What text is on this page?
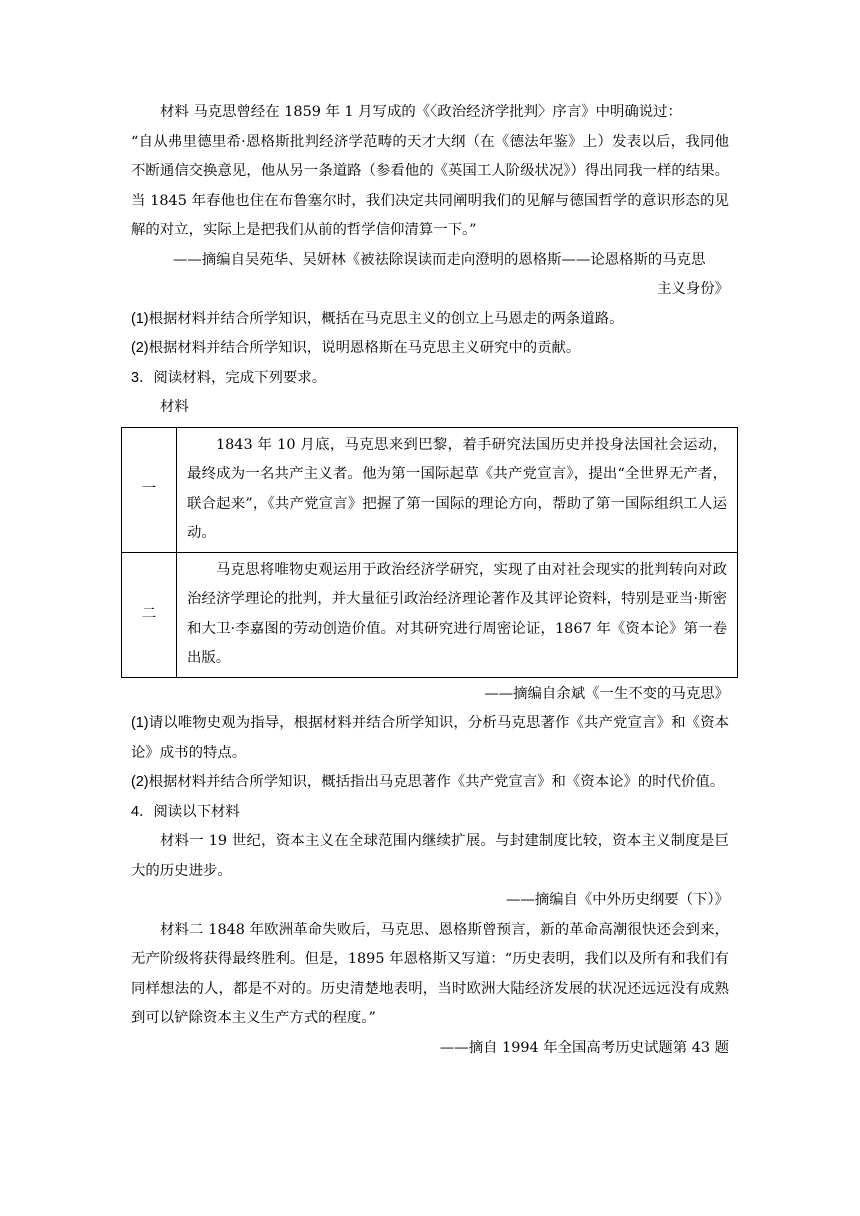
材料 马克思曾经在 1859 年 1 月写成的《〈政治经济学批判〉序言》中明确说过：

“自从弗里德里希·恩格斯批判经济学范畴的天才大纲（在《德法年鉴》上）发表以后，我同他不断通信交换意见，他从另一条道路（参看他的《英国工人阶级状况》）得出同我一样的结果。当 1845 年春他也住在布鲁塞尔时，我们决定共同阐明我们的见解与德国哲学的意识形态的见解的对立，实际上是把我们从前的哲学信仰清算一下。”

——摘编自吴苑华、吴妍林《被祛除误读而走向澄明的恩格斯——论恩格斯的马克思

主义身份》

(1)根据材料并结合所学知识，概括在马克思主义的创立上马恩走的两条道路。

(2)根据材料并结合所学知识，说明恩格斯在马克思主义研究中的贡献。

3．阅读材料，完成下列要求。

材料

一	1843 年 10 月底，马克思来到巴黎，着手研究法国历史并投身法国社会运动，最终成为一名共产主义者。他为第一国际起草《共产党宣言》，提出“全世界无产者，联合起来”，《共产党宣言》把握了第一国际的理论方向，帮助了第一国际组织工人运动。
二	马克思将唯物史观运用于政治经济学研究，实现了由对社会现实的批判转向对政治经济学理论的批判，并大量征引政治经济理论著作及其评论资料，特别是亚当·斯密和大卫·李嘉图的劳动创造价值。对其研究进行周密论证，1867 年《资本论》第一卷出版。

——摘编自余斌《一生不变的马克思》

(1)请以唯物史观为指导，根据材料并结合所学知识，分析马克思著作《共产党宣言》和《资本论》成书的特点。

(2)根据材料并结合所学知识，概括指出马克思著作《共产党宣言》和《资本论》的时代价值。

4．阅读以下材料

材料一 19 世纪，资本主义在全球范围内继续扩展。与封建制度比较，资本主义制度是巨大的历史进步。

——摘编自《中外历史纲要（下）》

材料二 1848 年欧洲革命失败后，马克思、恩格斯曾预言，新的革命高潮很快还会到来，无产阶级将获得最终胜利。但是，1895 年恩格斯又写道：“历史表明，我们以及所有和我们有同样想法的人，都是不对的。历史清楚地表明，当时欧洲大陆经济发展的状况还远远没有成熟到可以铲除资本主义生产方式的程度。”

——摘自 1994 年全国高考历史试题第 43 题
